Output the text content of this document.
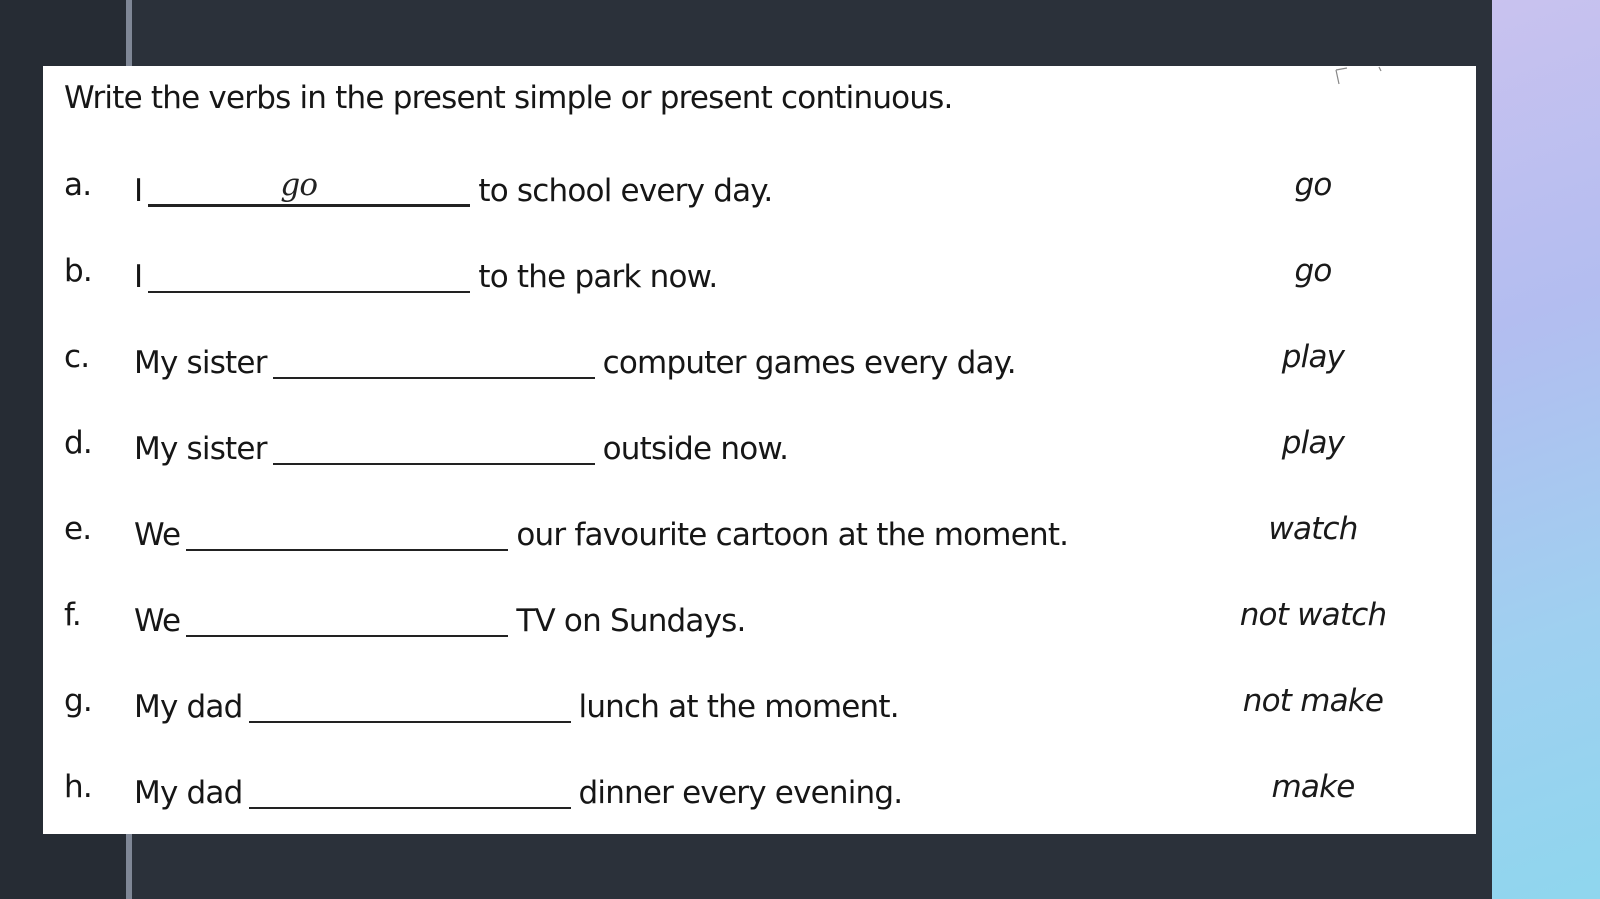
Write the verbs in the present simple or present continuous.
a. I	go	to school every day.	go
b. I	to the park now.	go
c. My sister	computer games every day.	play
d. My sister	outside now.	play
e. We	our favourite cartoon at the moment.	watch
f. We	TV on Sundays.	not watch
g. My dad	lunch at the moment.	not make
h. My dad	dinner every evening.	make
